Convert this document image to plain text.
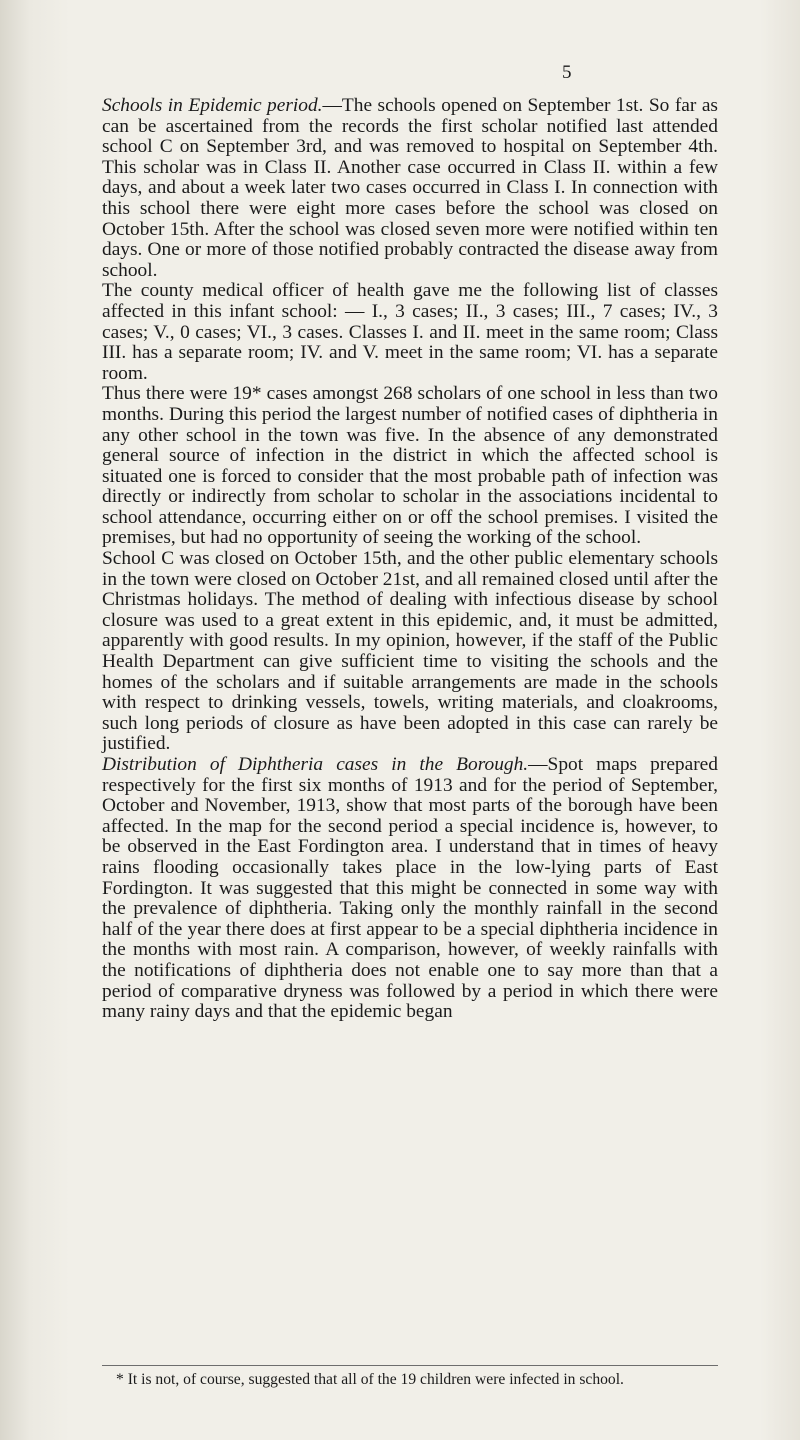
5

Schools in Epidemic period.—The schools opened on September 1st. So far as can be ascertained from the records the first scholar notified last attended school C on September 3rd, and was removed to hospital on September 4th. This scholar was in Class II. Another case occurred in Class II. within a few days, and about a week later two cases occurred in Class I. In connection with this school there were eight more cases before the school was closed on October 15th. After the school was closed seven more were notified within ten days. One or more of those notified probably contracted the disease away from school.

The county medical officer of health gave me the following list of classes affected in this infant school: — I., 3 cases; II., 3 cases; III., 7 cases; IV., 3 cases; V., 0 cases; VI., 3 cases. Classes I. and II. meet in the same room; Class III. has a separate room; IV. and V. meet in the same room; VI. has a separate room.

Thus there were 19* cases amongst 268 scholars of one school in less than two months. During this period the largest number of notified cases of diphtheria in any other school in the town was five. In the absence of any demonstrated general source of infection in the district in which the affected school is situated one is forced to consider that the most probable path of infection was directly or indirectly from scholar to scholar in the associations incidental to school attendance, occurring either on or off the school premises. I visited the premises, but had no opportunity of seeing the working of the school.

School C was closed on October 15th, and the other public elementary schools in the town were closed on October 21st, and all remained closed until after the Christmas holidays. The method of dealing with infectious disease by school closure was used to a great extent in this epidemic, and, it must be admitted, apparently with good results. In my opinion, however, if the staff of the Public Health Department can give sufficient time to visiting the schools and the homes of the scholars and if suitable arrangements are made in the schools with respect to drinking vessels, towels, writing materials, and cloakrooms, such long periods of closure as have been adopted in this case can rarely be justified.

Distribution of Diphtheria cases in the Borough.—Spot maps prepared respectively for the first six months of 1913 and for the period of September, October and November, 1913, show that most parts of the borough have been affected. In the map for the second period a special incidence is, however, to be observed in the East Fordington area. I understand that in times of heavy rains flooding occasionally takes place in the low-lying parts of East Fordington. It was suggested that this might be connected in some way with the prevalence of diphtheria. Taking only the monthly rainfall in the second half of the year there does at first appear to be a special diphtheria incidence in the months with most rain. A comparison, however, of weekly rainfalls with the notifications of diphtheria does not enable one to say more than that a period of comparative dryness was followed by a period in which there were many rainy days and that the epidemic began

* It is not, of course, suggested that all of the 19 children were infected in school.
